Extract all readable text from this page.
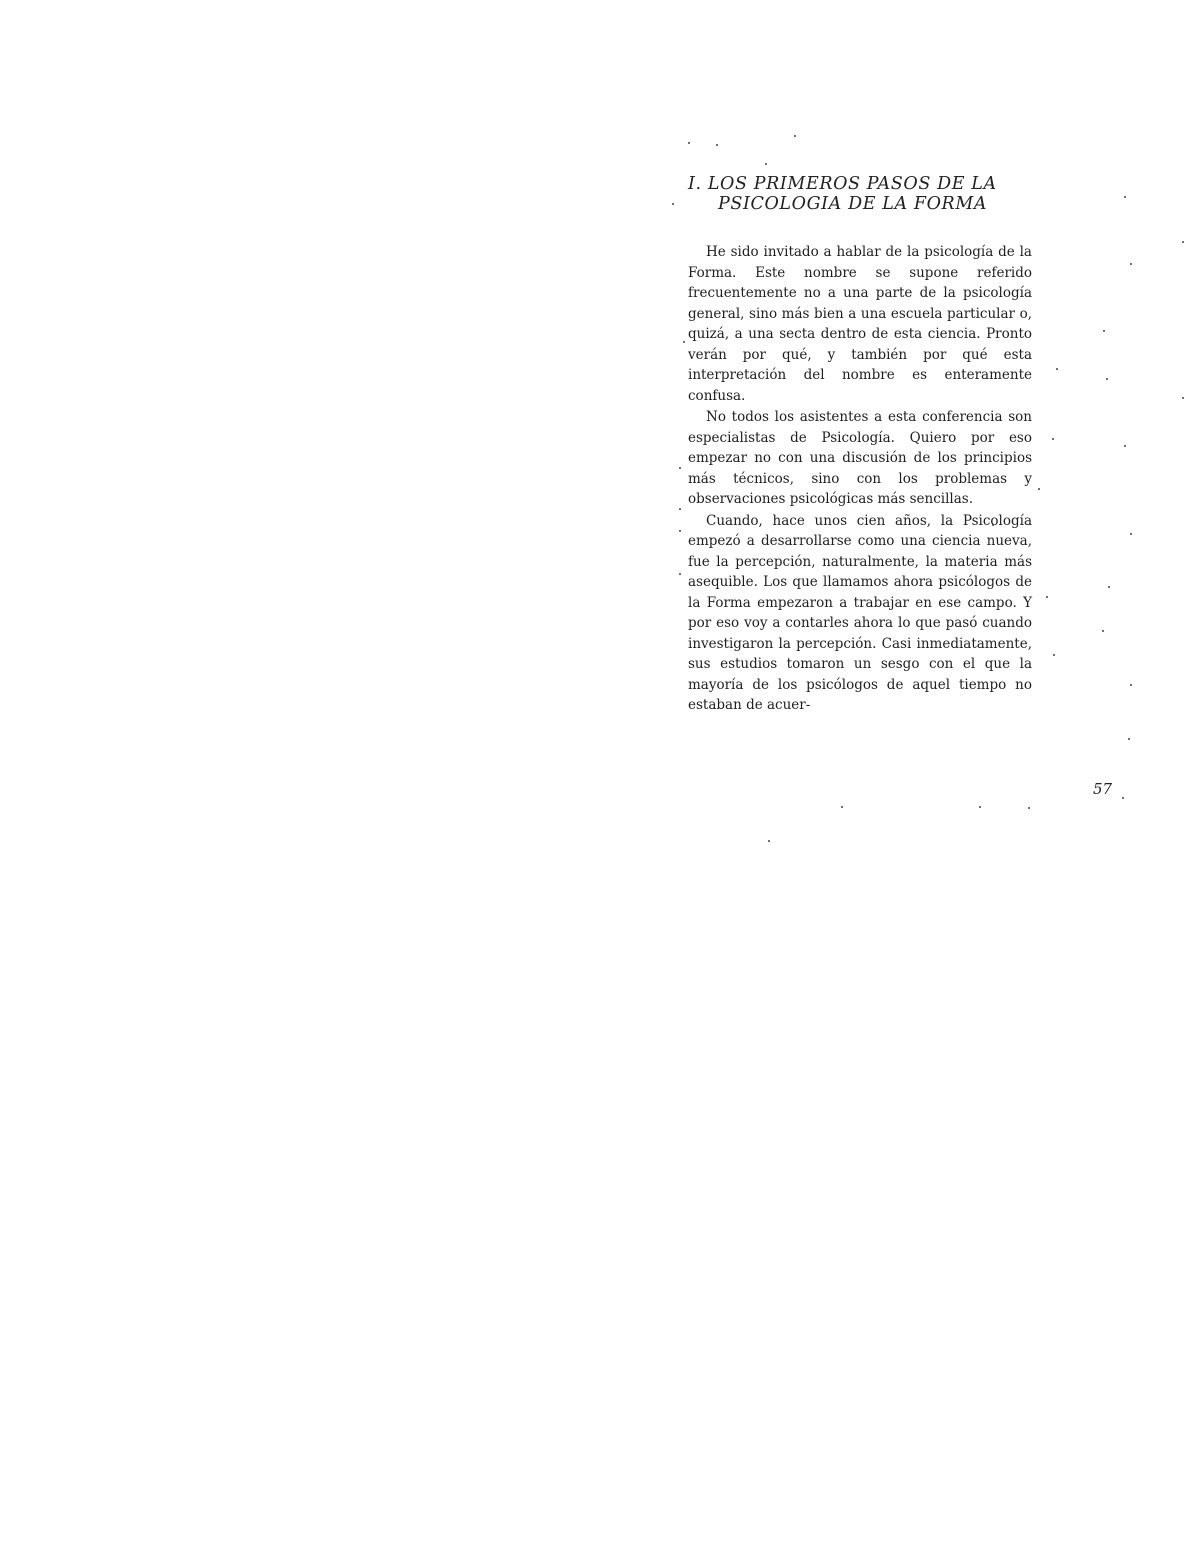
I. LOS PRIMEROS PASOS DE LA PSICOLOGIA DE LA FORMA

He sido invitado a hablar de la psicología de la Forma. Este nombre se supone referido frecuentemente no a una parte de la psicología general, sino más bien a una escuela particular o, quizá, a una secta dentro de esta ciencia. Pronto verán por qué, y también por qué esta interpretación del nombre es enteramente confusa.

No todos los asistentes a esta conferencia son especialistas de Psicología. Quiero por eso empezar no con una discusión de los principios más técnicos, sino con los problemas y observaciones psicológicas más sencillas.

Cuando, hace unos cien años, la Psicología empezó a desarrollarse como una ciencia nueva, fue la percepción, naturalmente, la materia más asequible. Los que llamamos ahora psicólogos de la Forma empezaron a trabajar en ese campo. Y por eso voy a contarles ahora lo que pasó cuando investigaron la percepción. Casi inmediatamente, sus estudios tomaron un sesgo con el que la mayoría de los psicólogos de aquel tiempo no estaban de acuer-

57
